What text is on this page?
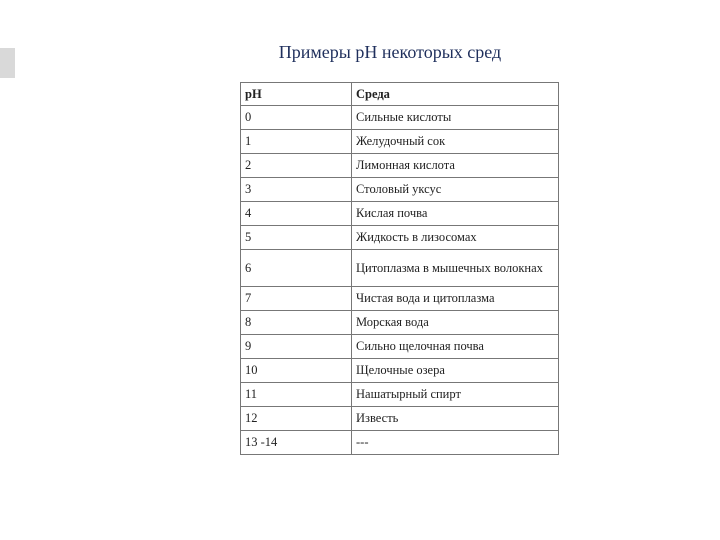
Примеры pH некоторых сред
pH	Среда
0	Сильные кислоты
1	Желудочный сок
2	Лимонная кислота
3	Столовый уксус
4	Кислая почва
5	Жидкость в лизосомах
6	Цитоплазма в мышечных волокнах
7	Чистая вода и цитоплазма
8	Морская вода
9	Сильно щелочная почва
10	Щелочные озера
11	Нашатырный спирт
12	Известь
13 -14	---
